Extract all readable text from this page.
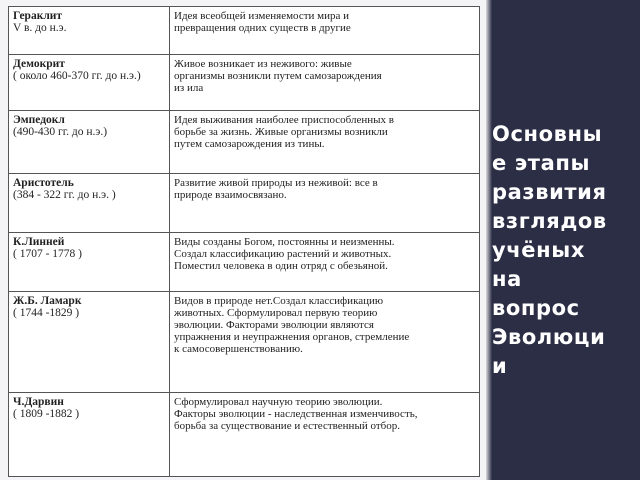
Гераклит
V в. до н.э.	Идея всеобщей изменяемости мира и
превращения одних существ в другие

Демокрит
( около 460-370 гг. до н.э.)	Живое возникает из неживого: живые
организмы возникли путем самозарождения
из ила

Эмпедокл
(490-430 гг. до н.э.)	Идея выживания наиболее приспособленных в
борьбе за жизнь. Живые организмы возникли
путем самозарождения из тины.

Аристотель
(384 - 322 гг. до н.э. )	Развитие живой природы из неживой: все в
природе взаимосвязано.

К.Линней
( 1707 - 1778 )	Виды созданы Богом, постоянны и неизменны.
Создал классификацию растений и животных.
Поместил человека в один отряд с обезьяной.

Ж.Б. Ламарк
( 1744 -1829 )	Видов в природе нет.Создал классификацию
животных. Сформулировал первую теорию
эволюции. Факторами эволюции являются
упражнения и неупражнения органов, стремление
к самосовершенствованию.

Ч.Дарвин
( 1809 -1882 )	Сформулировал научную теорию эволюции.
Факторы эволюции - наследственная изменчивость,
борьба за существование и естественный отбор.
Основны
е этапы
развития
взглядов
учёных
на
вопрос
Эволюци
и
